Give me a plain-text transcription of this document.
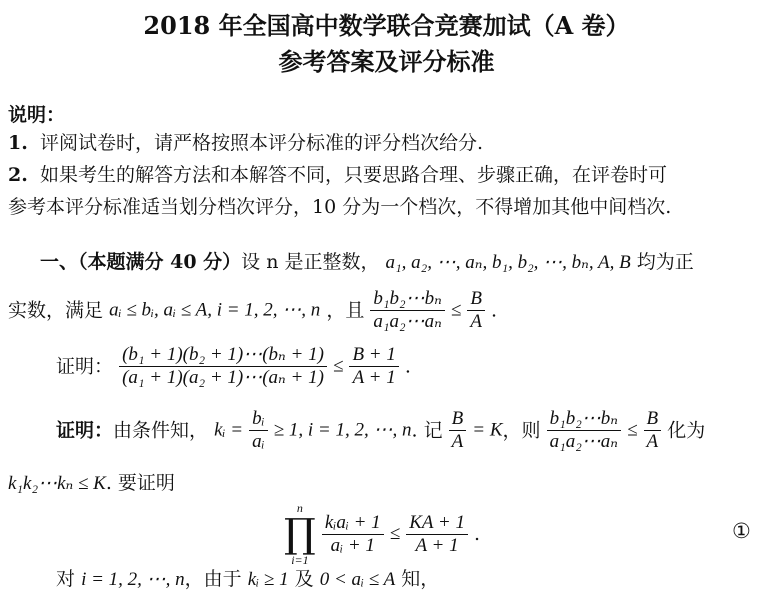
2018 年全国高中数学联合竞赛加试（A 卷）
参考答案及评分标准
说明：
1. 评阅试卷时，请严格按照本评分标准的评分档次给分.
2. 如果考生的解答方法和本解答不同，只要思路合理、步骤正确，在评卷时可
参考本评分标准适当划分档次评分，10 分为一个档次，不得增加其他中间档次.
一、（本题满分 40 分）设 n 是正整数， a₁, a₂, ⋯, aₙ, b₁, b₂, ⋯, bₙ, A, B 均为正
实数，满足 aᵢ ≤ bᵢ, aᵢ ≤ A, i = 1, 2, ⋯, n ，且 $\frac{\text{b₁b₂⋯bₙ}}{\text{a₁a₂⋯aₙ}} \le \frac{B}{A}$ .
证明： $\frac{\text{(b₁ + 1)(b₂ + 1)⋯(bₙ + 1)}}{\text{(a₁ + 1)(a₂ + 1)⋯(aₙ + 1)}} \le \frac{B + 1}{A + 1}$ .
证明：由条件知， kᵢ = $\frac{\text{bᵢ}}{\text{aᵢ}} \ge 1$, i = 1, 2, ⋯, n. 记 $\frac{B}{A} = K$，则 $\frac{\text{b₁b₂⋯bₙ}}{\text{a₁a₂⋯aₙ}} \le \frac{B}{A}$ 化为
k₁k₂⋯kₙ ≤ K. 要证明
n
∏
i=1

$\frac{\text{kᵢaᵢ + 1}}{\text{aᵢ + 1}} \le \frac{KA + 1}{A + 1}$ .	①
对 i = 1, 2, ⋯, n，由于 kᵢ ≥ 1 及 0 < aᵢ ≤ A 知，
